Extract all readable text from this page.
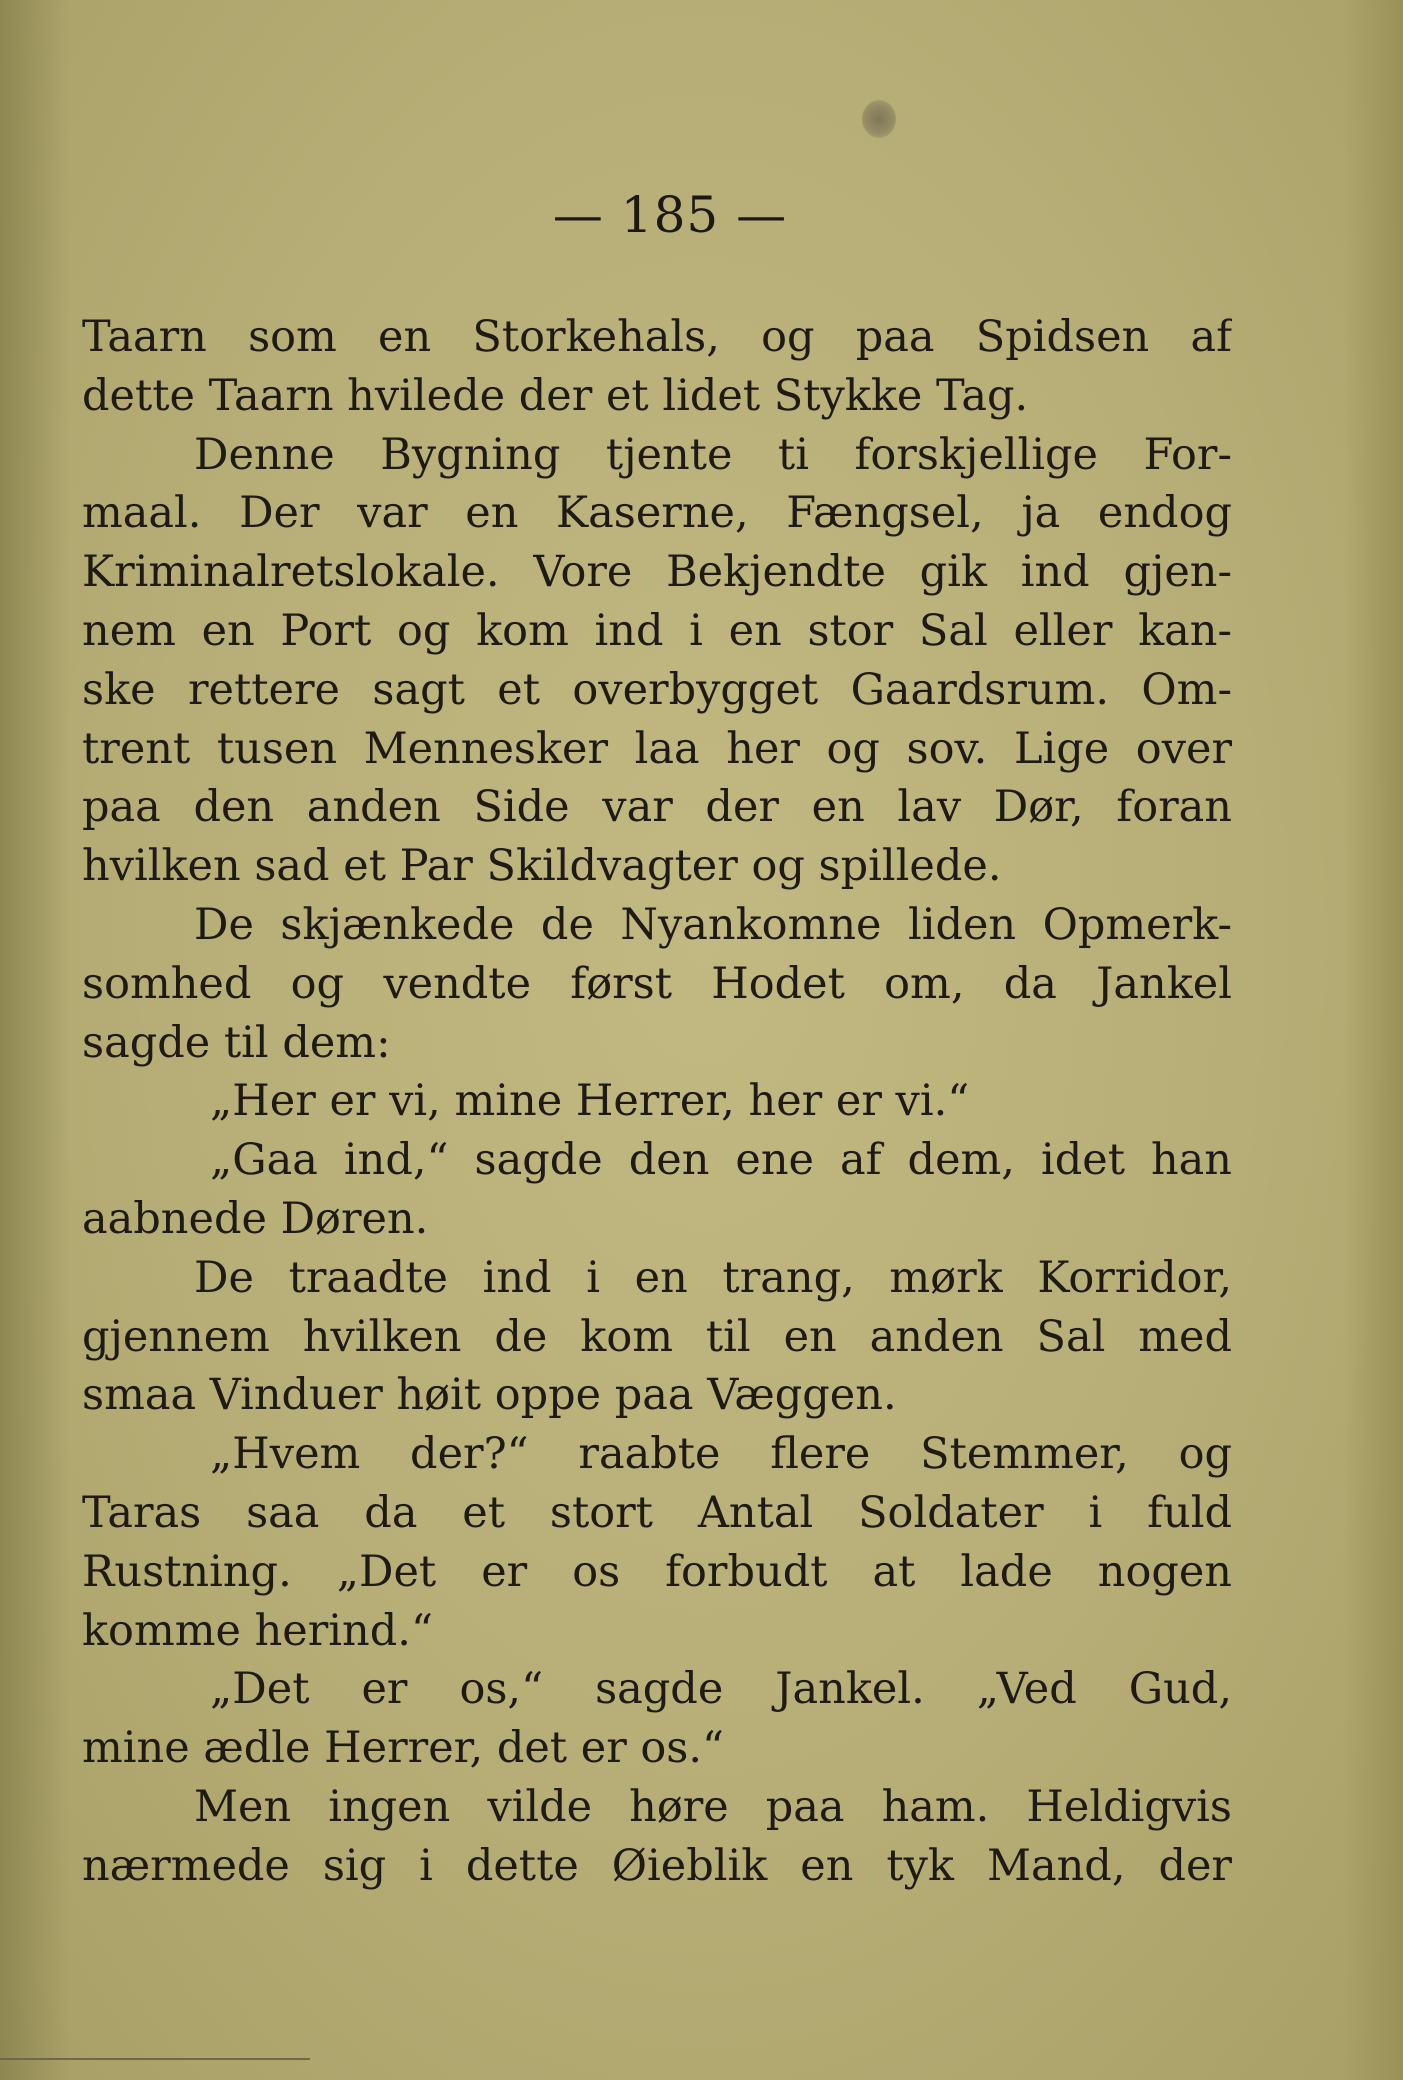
— 185 —
Taarn som en Storkehals, og paa Spidsen af
dette Taarn hvilede der et lidet Stykke Tag.
Denne Bygning tjente ti forskjellige For-
maal. Der var en Kaserne, Fængsel, ja endog
Kriminalretslokale. Vore Bekjendte gik ind gjen-
nem en Port og kom ind i en stor Sal eller kan-
ske rettere sagt et overbygget Gaardsrum. Om-
trent tusen Mennesker laa her og sov. Lige over
paa den anden Side var der en lav Dør, foran
hvilken sad et Par Skildvagter og spillede.
De skjænkede de Nyankomne liden Opmerk-
somhed og vendte først Hodet om, da Jankel
sagde til dem:
„Her er vi, mine Herrer, her er vi.“
„Gaa ind,“ sagde den ene af dem, idet han
aabnede Døren.
De traadte ind i en trang, mørk Korridor,
gjennem hvilken de kom til en anden Sal med
smaa Vinduer høit oppe paa Væggen.
„Hvem der?“ raabte flere Stemmer, og
Taras saa da et stort Antal Soldater i fuld
Rustning. „Det er os forbudt at lade nogen
komme herind.“
„Det er os,“ sagde Jankel. „Ved Gud,
mine ædle Herrer, det er os.“
Men ingen vilde høre paa ham. Heldigvis
nærmede sig i dette Øieblik en tyk Mand, der
